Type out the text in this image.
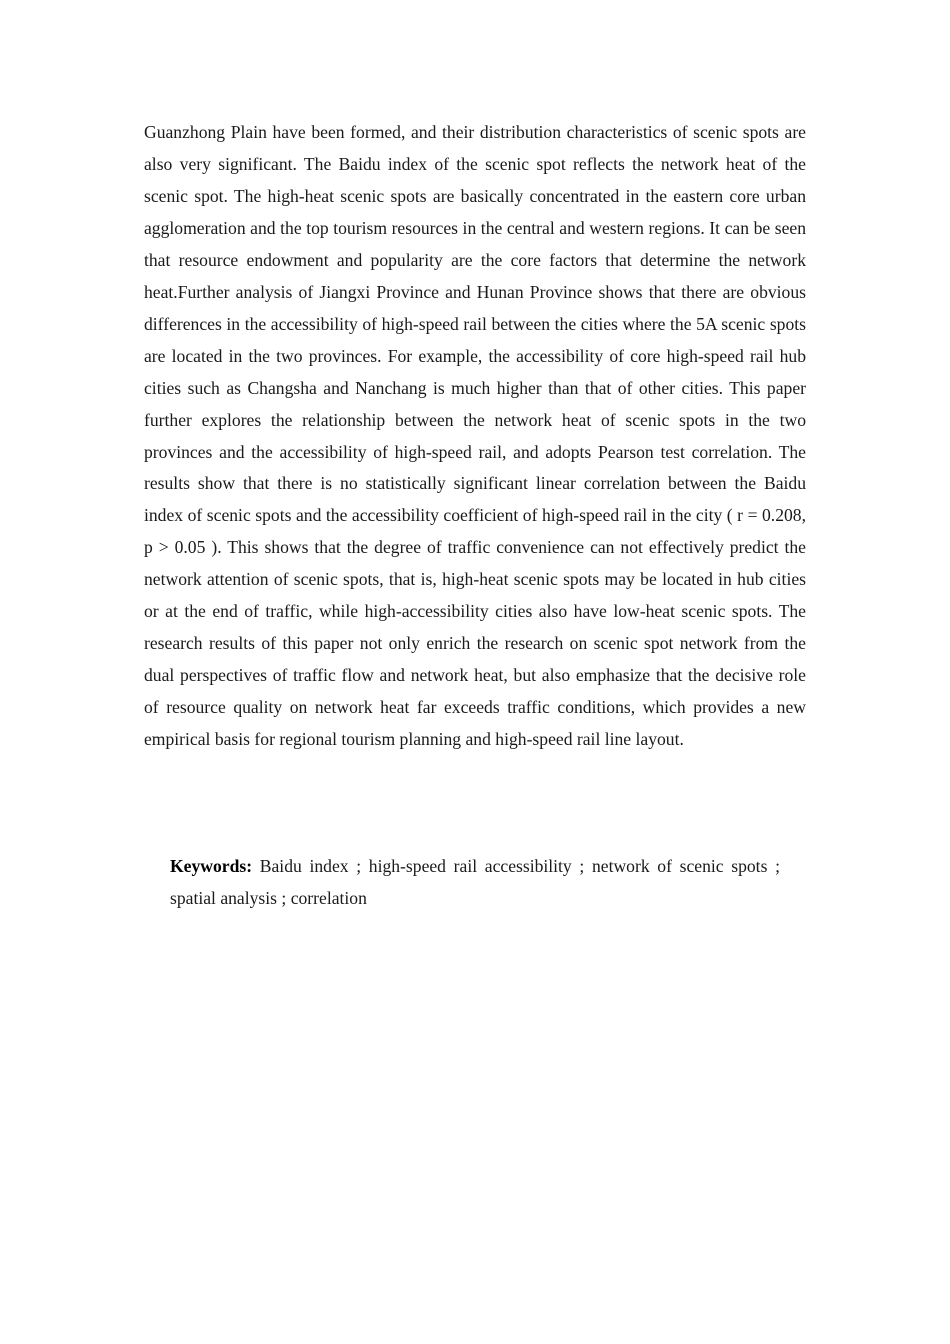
Guanzhong Plain have been formed, and their distribution characteristics of scenic spots are also very significant. The Baidu index of the scenic spot reflects the network heat of the scenic spot. The high-heat scenic spots are basically concentrated in the eastern core urban agglomeration and the top tourism resources in the central and western regions. It can be seen that resource endowment and popularity are the core factors that determine the network heat.Further analysis of Jiangxi Province and Hunan Province shows that there are obvious differences in the accessibility of high-speed rail between the cities where the 5A scenic spots are located in the two provinces. For example, the accessibility of core high-speed rail hub cities such as Changsha and Nanchang is much higher than that of other cities. This paper further explores the relationship between the network heat of scenic spots in the two provinces and the accessibility of high-speed rail, and adopts Pearson test correlation. The results show that there is no statistically significant linear correlation between the Baidu index of scenic spots and the accessibility coefficient of high-speed rail in the city ( r = 0.208, p > 0.05 ). This shows that the degree of traffic convenience can not effectively predict the network attention of scenic spots, that is, high-heat scenic spots may be located in hub cities or at the end of traffic, while high-accessibility cities also have low-heat scenic spots. The research results of this paper not only enrich the research on scenic spot network from the dual perspectives of traffic flow and network heat, but also emphasize that the decisive role of resource quality on network heat far exceeds traffic conditions, which provides a new empirical basis for regional tourism planning and high-speed rail line layout.

Keywords: Baidu index ; high-speed rail accessibility ; network of scenic spots ; spatial analysis ; correlation
